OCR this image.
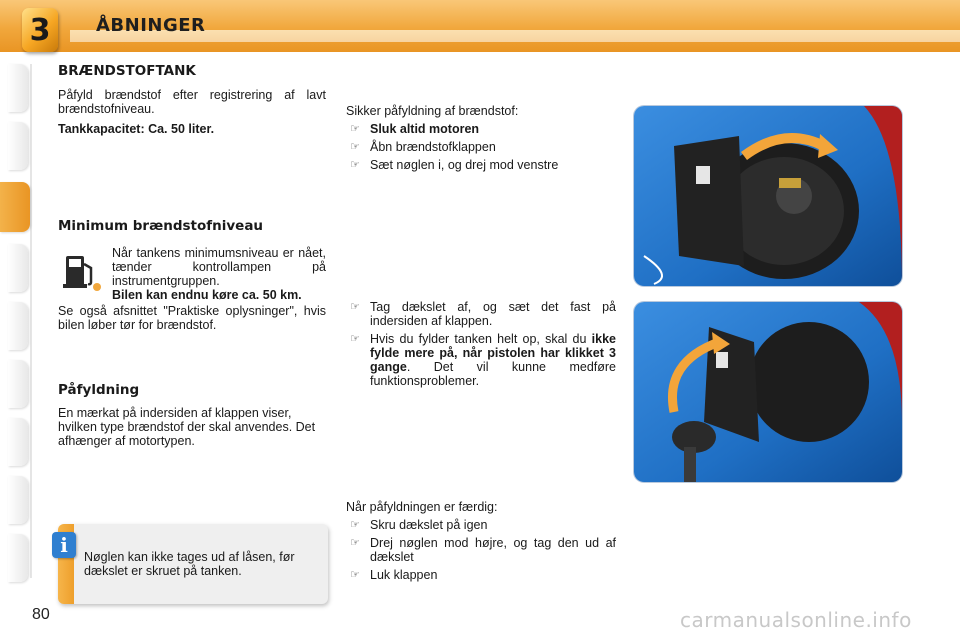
3	ÅBNINGER
BRÆNDSTOFTANK

Påfyld brændstof efter registrering af lavt brændstofniveau.

Tankkapacitet: Ca. 50 liter.

Minimum brændstofniveau

Når tankens minimumsniveau er nået, tænder kontrollampen på instrumentgruppen.

Bilen kan endnu køre ca. 50 km.

Se også afsnittet "Praktiske oplysninger", hvis bilen løber tør for brændstof.

Påfyldning

En mærkat på indersiden af klappen viser, hvilken type brændstof der skal anvendes. Det afhænger af motortypen.

Sikker påfyldning af brændstof:

☞ Sluk altid motoren
☞ Åbn brændstofklappen
☞ Sæt nøglen i, og drej mod venstre
☞ Tag dækslet af, og sæt det fast på indersiden af klappen.
☞ Hvis du fylder tanken helt op, skal du ikke fylde mere på, når pistolen har klikket 3 gange. Det vil kunne medføre funktionsproblemer.

Når påfyldningen er færdig:

☞ Skru dækslet på igen
☞ Drej nøglen mod højre, og tag den ud af dækslet
☞ Luk klappen
i	Nøglen kan ikke tages ud af låsen, før dækslet er skruet på tanken.
80	carmanualsonline.info
